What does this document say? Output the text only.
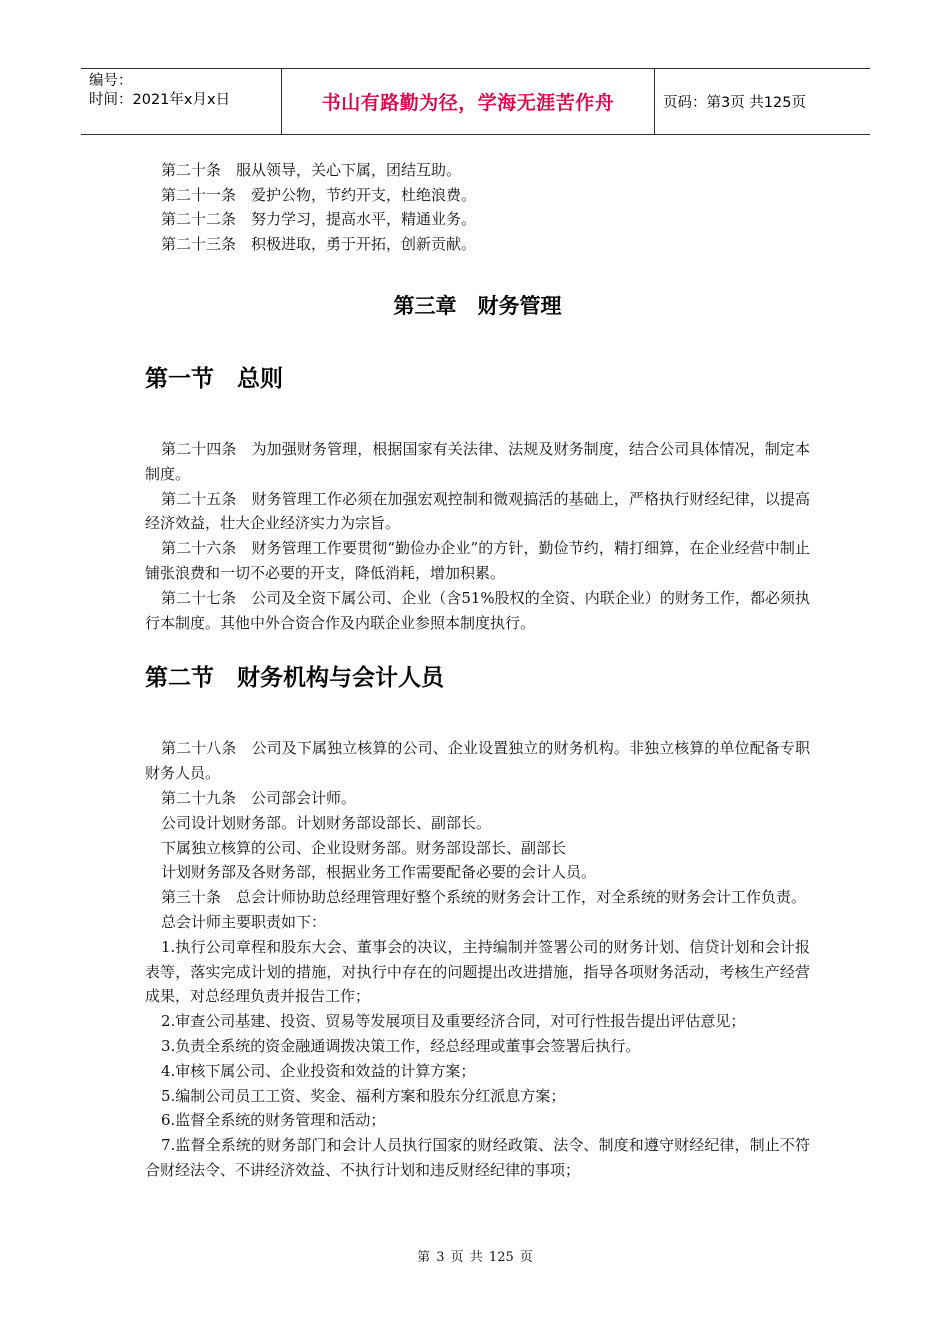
编号：
时间：2021年x月x日	书山有路勤为径，学海无涯苦作舟	页码：第3页 共125页

第二十条　服从领导，关心下属，团结互助。

第二十一条　爱护公物，节约开支，杜绝浪费。

第二十二条　努力学习，提高水平，精通业务。

第二十三条　积极进取，勇于开拓，创新贡献。

第三章　财务管理
第一节　总则

第二十四条　为加强财务管理，根据国家有关法律、法规及财务制度，结合公司具体情况，制定本制度。

第二十五条　财务管理工作必须在加强宏观控制和微观搞活的基础上，严格执行财经纪律，以提高经济效益，壮大企业经济实力为宗旨。

第二十六条　财务管理工作要贯彻“勤俭办企业”的方针，勤俭节约，精打细算，在企业经营中制止铺张浪费和一切不必要的开支，降低消耗，增加积累。

第二十七条　公司及全资下属公司、企业（含51%股权的全资、内联企业）的财务工作，都必须执行本制度。其他中外合资合作及内联企业参照本制度执行。

第二节　财务机构与会计人员

第二十八条　公司及下属独立核算的公司、企业设置独立的财务机构。非独立核算的单位配备专职财务人员。

第二十九条　公司部会计师。

公司设计划财务部。计划财务部设部长、副部长。

下属独立核算的公司、企业设财务部。财务部设部长、副部长

计划财务部及各财务部，根据业务工作需要配备必要的会计人员。

第三十条　总会计师协助总经理管理好整个系统的财务会计工作，对全系统的财务会计工作负责。

总会计师主要职责如下：

1.执行公司章程和股东大会、董事会的决议，主持编制并签署公司的财务计划、信贷计划和会计报表等，落实完成计划的措施，对执行中存在的问题提出改进措施，指导各项财务活动，考核生产经营成果，对总经理负责并报告工作；

2.审查公司基建、投资、贸易等发展项目及重要经济合同，对可行性报告提出评估意见；

3.负责全系统的资金融通调拨决策工作，经总经理或董事会签署后执行。

4.审核下属公司、企业投资和效益的计算方案；

5.编制公司员工工资、奖金、福利方案和股东分红派息方案；

6.监督全系统的财务管理和活动；

7.监督全系统的财务部门和会计人员执行国家的财经政策、法令、制度和遵守财经纪律，制止不符合财经法令、不讲经济效益、不执行计划和违反财经纪律的事项；

第 3 页 共 125 页
